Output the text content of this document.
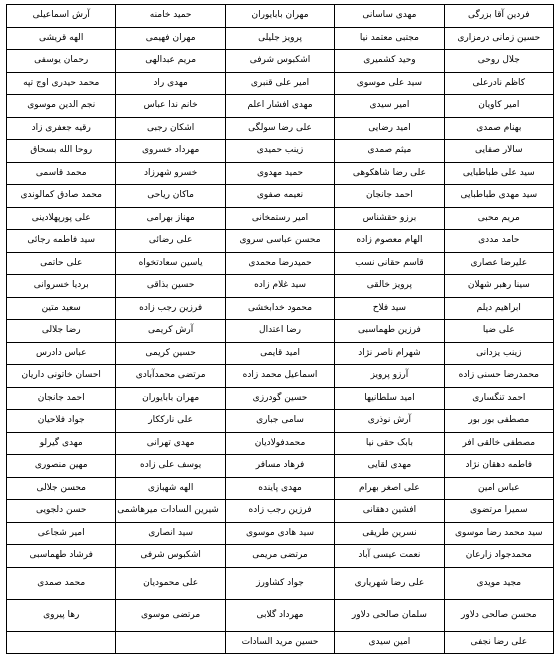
فردین آقا بزرگی	مهدی ساسانی	مهران بابایوران	حمید خامنه	آرش اسماعیلی
حسین زمانی درمزاری	مجتبی معتمد نیا	پرویز جلیلی	مهران فهیمی	الهه قریشی
جلال روحی	وحید کشمیری	اشکبوس شرفی	مریم عبدالهی	رحمان یوسفی
کاظم نادرعلی	سید علی موسوی	امیر علی قنبری	مهدی راد	محمد حیدری اوج تپه
امیر کاویان	امیر سیدی	مهدی افشار اعلم	خانم ندا عباس	نجم الدین موسوی
بهنام صمدی	امید رضایی	علی رضا سولگی	اشکان رجبی	رقیه جعفری زاد
سالار صفایی	میثم صمدی	زینب حمیدی	مهرداد خسروی	روحا الله بسحاق
سید علی طباطبایی	علی رضا شاهکوهی	حمید مهدوی	خسرو شهرزاد	محمد قاسمی
سید مهدی طباطبایی	احمد جانجان	نعیمه صفوی	ماکان ریاحی	محمد صادق کمالوندی
مریم محبی	برزو حقشناس	امیر رستمخانی	مهناز بهرامی	علی پورپهلادینی
حامد مددی	الهام معصوم زاده	محسن عباسی سروی	علی رضائی	سید فاطمه رجائی
علیرضا عصاری	قاسم حقانی نسب	حمیدرضا محمدی	یاسین سعادتخواه	علی حاتمی
سینا رهبر شهلان	پرویز خالقی	سید غلام زاده	حسین بذاقی	بردیا خسروانی
ابراهیم دیلم	سید فلاح	محمود خدابخشی	فرزین رجب زاده	سعید متین
علی ضیا	فرزین طهماسبی	رضا اعتدال	آرش کریمی	رضا جلالی
زینب یزدانی	شهرام ناصر نژاد	امید قایمی	حسین کریمی	عباس دادرس
محمدرضا حسنی زاده	آرزو پرویز	اسماعیل محمد زاده	مرتضی محمدآبادی	احسان خاتونی داریان
احمد تنگساری	امید سلطانیها	حسین گودرزی	مهران بابایوران	احمد جانجان
مصطفی بور بور	آرش نوذری	سامی جباری	علی نارککار	جواد فلاحیان
مصطفی خالقی افر	بابک حقی نیا	محمدفولادیان	مهدی تهرانی	مهدی گیرلو
فاطمه دهقان نژاد	مهدی لقایی	فرهاد مسافر	یوسف علی زاده	مهین منصوری
عباس امین	علی اصغر بهرام	مهدی پاینده	الهه شهبازی	محسن جلالی
سمیرا مرتضوی	افشین دهقانی	فرزین رجب زاده	شیرین السادات میرهاشمی	حسن دلجویی
سید محمد رضا موسوی	نسرین طریقی	سید هادی موسوی	سید انصاری	امیر شجاعی
محمدجواد زارعان	نعمت عیسی آباد	مرتضی مریمی	اشکبوس شرفی	فرشاد طهماسبی
مجید مویدی	علی رضا شهریاری	جواد کشاورز	علی محمودیان	محمد صمدی
محسن صالحی دلاور	سلمان صالحی دلاور	مهرداد گلابی	مرتضی موسوی	رها پیروی
علی رضا نجفی	امین سیدی	حسین مرید السادات		
